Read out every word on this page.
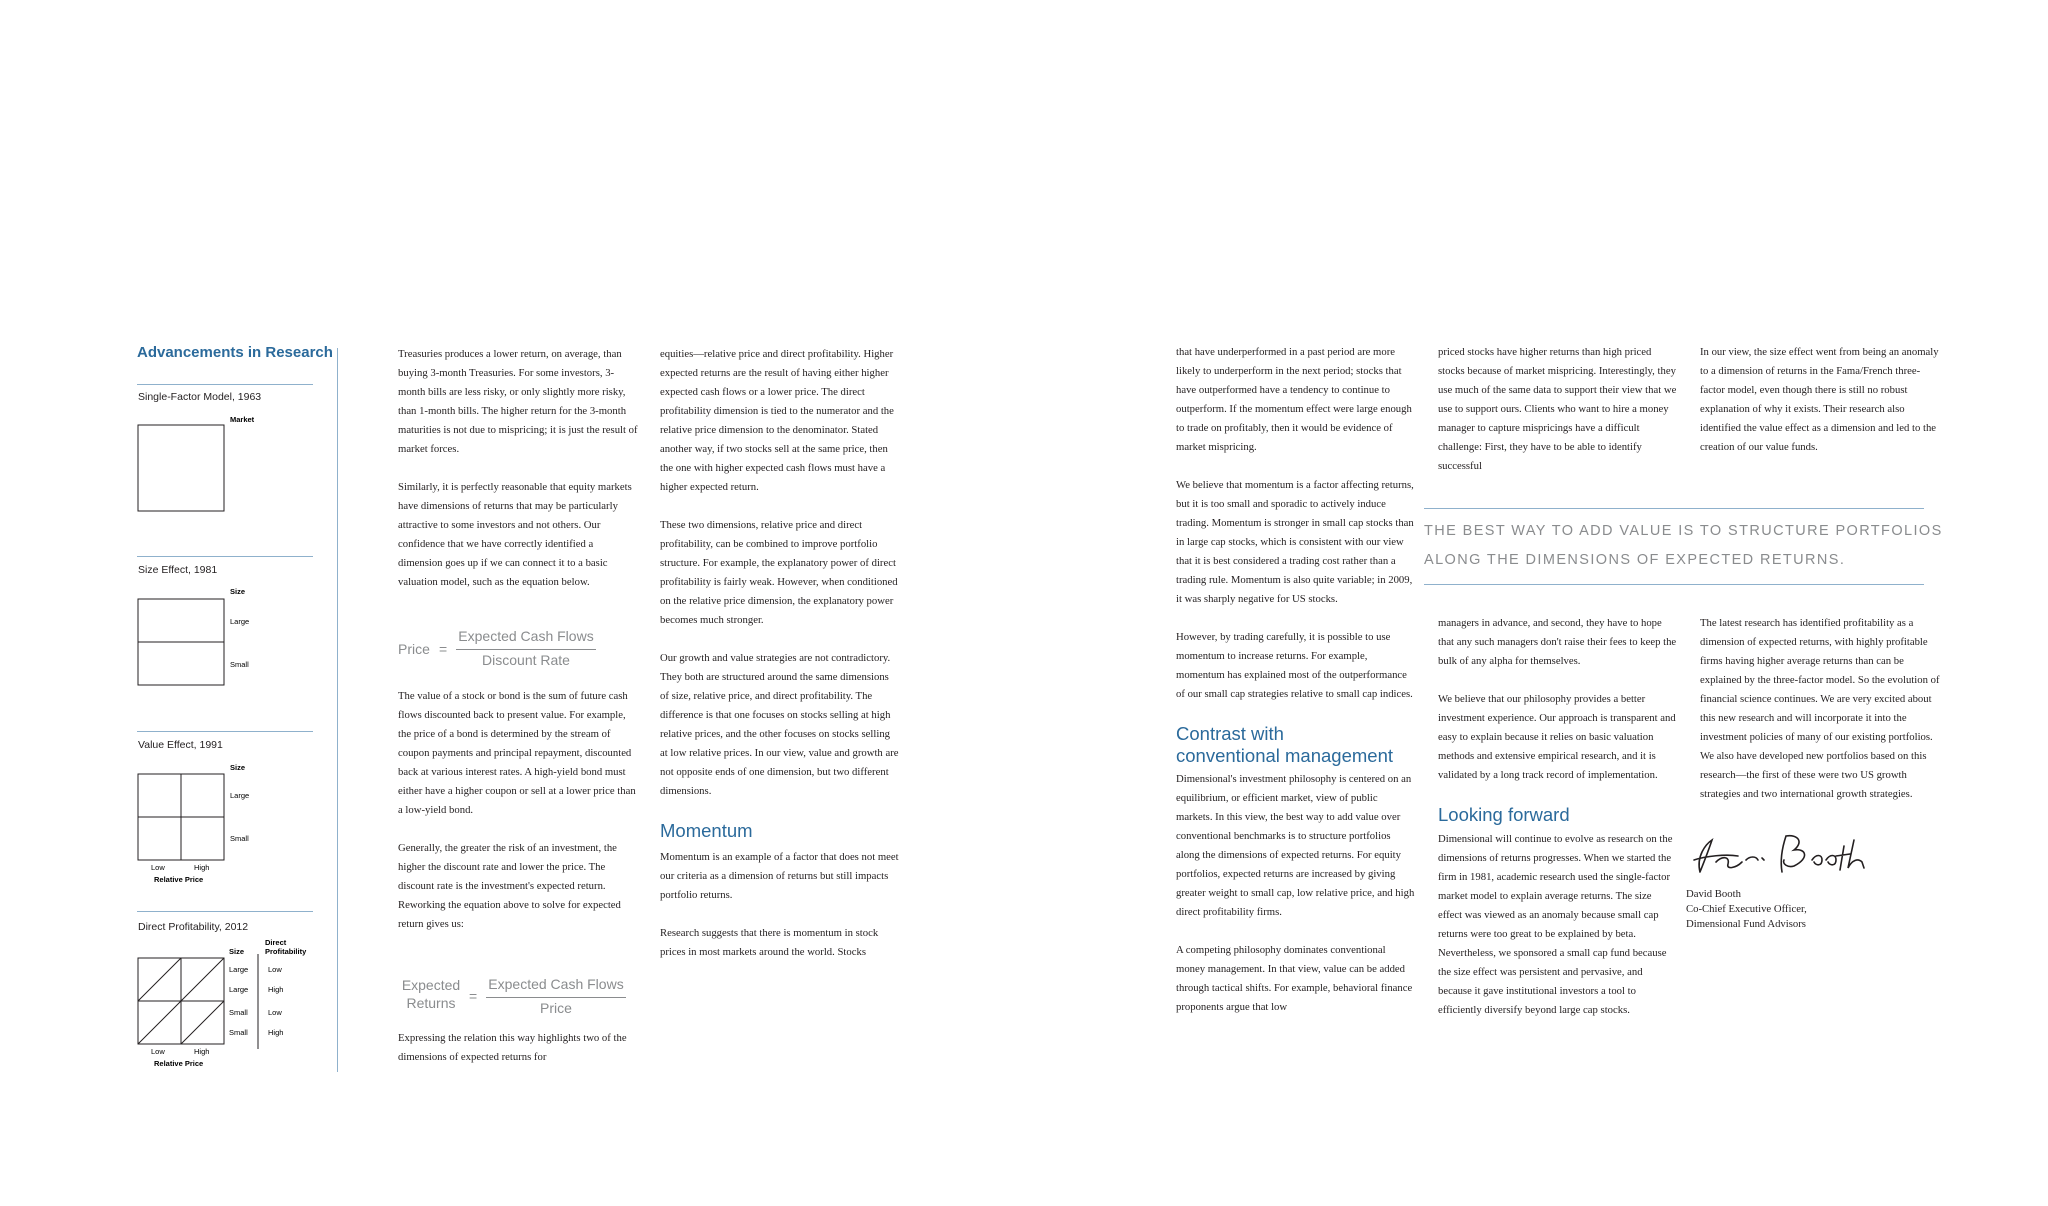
Advancements in Research
Single-Factor Model, 1963
Market
Size Effect, 1981
Size
Large
Small
Value Effect, 1991
Size
Large
Small
Low	High
Relative Price
Direct Profitability, 2012
Size
Direct
Profitability
Large
Large
Small
Small
Low
High
Low
High
Low	High
Relative Price

Treasuries produces a lower return, on average, than buying 3-month Treasuries. For some investors, 3-month bills are less risky, or only slightly more risky, than 1-month bills. The higher return for the 3-month maturities is not due to mispricing; it is just the result of market forces.

Similarly, it is perfectly reasonable that equity markets have dimensions of returns that may be particularly attractive to some investors and not others. Our confidence that we have correctly identified a dimension goes up if we can connect it to a basic valuation model, such as the equation below.

The value of a stock or bond is the sum of future cash flows discounted back to present value. For example, the price of a bond is determined by the stream of coupon payments and principal repayment, discounted back at various interest rates. A high-yield bond must either have a higher coupon or sell at a lower price than a low-yield bond.

Generally, the greater the risk of an investment, the higher the discount rate and lower the price. The discount rate is the investment's expected return. Reworking the equation above to solve for expected return gives us:

Expressing the relation this way highlights two of the dimensions of expected returns for

Price =
Expected Cash Flows
Discount Rate
Expected
Returns =
Expected Cash Flows
Price

equities—relative price and direct profitability. Higher expected returns are the result of having either higher expected cash flows or a lower price. The direct profitability dimension is tied to the numerator and the relative price dimension to the denominator. Stated another way, if two stocks sell at the same price, then the one with higher expected cash flows must have a higher expected return.

These two dimensions, relative price and direct profitability, can be combined to improve portfolio structure. For example, the explanatory power of direct profitability is fairly weak. However, when conditioned on the relative price dimension, the explanatory power becomes much stronger.

Our growth and value strategies are not contradictory. They both are structured around the same dimensions of size, relative price, and direct profitability. The difference is that one focuses on stocks selling at high relative prices, and the other focuses on stocks selling at low relative prices. In our view, value and growth are not opposite ends of one dimension, but two different dimensions.

Momentum

Momentum is an example of a factor that does not meet our criteria as a dimension of returns but still impacts portfolio returns.

Research suggests that there is momentum in stock prices in most markets around the world. Stocks

that have underperformed in a past period are more likely to underperform in the next period; stocks that have outperformed have a tendency to continue to outperform. If the momentum effect were large enough to trade on profitably, then it would be evidence of market mispricing.

We believe that momentum is a factor affecting returns, but it is too small and sporadic to actively induce trading. Momentum is stronger in small cap stocks than in large cap stocks, which is consistent with our view that it is best considered a trading cost rather than a trading rule. Momentum is also quite variable; in 2009, it was sharply negative for US stocks.

However, by trading carefully, it is possible to use momentum to increase returns. For example, momentum has explained most of the outperformance of our small cap strategies relative to small cap indices.

Contrast with
conventional management

Dimensional's investment philosophy is centered on an equilibrium, or efficient market, view of public markets. In this view, the best way to add value over conventional benchmarks is to structure portfolios along the dimensions of expected returns. For equity portfolios, expected returns are increased by giving greater weight to small cap, low relative price, and high direct profitability firms.

A competing philosophy dominates conventional money management. In that view, value can be added through tactical shifts. For example, behavioral finance proponents argue that low

priced stocks have higher returns than high priced stocks because of market mispricing. Interestingly, they use much of the same data to support their view that we use to support ours. Clients who want to hire a money manager to capture mispricings have a difficult challenge: First, they have to be able to identify successful

managers in advance, and second, they have to hope that any such managers don't raise their fees to keep the bulk of any alpha for themselves.

We believe that our philosophy provides a better investment experience. Our approach is transparent and easy to explain because it relies on basic valuation methods and extensive empirical research, and it is validated by a long track record of implementation.

Looking forward

Dimensional will continue to evolve as research on the dimensions of returns progresses. When we started the firm in 1981, academic research used the single-factor market model to explain average returns. The size effect was viewed as an anomaly because small cap returns were too great to be explained by beta. Nevertheless, we sponsored a small cap fund because the size effect was persistent and pervasive, and because it gave institutional investors a tool to efficiently diversify beyond large cap stocks.

In our view, the size effect went from being an anomaly to a dimension of returns in the Fama/French three-factor model, even though there is still no robust explanation of why it exists. Their research also identified the value effect as a dimension and led to the creation of our value funds.

The latest research has identified profitability as a dimension of expected returns, with highly profitable firms having higher average returns than can be explained by the three-factor model. So the evolution of financial science continues. We are very excited about this new research and will incorporate it into the investment policies of many of our existing portfolios. We also have developed new portfolios based on this research—the first of these were two US growth strategies and two international growth strategies.

THE BEST WAY TO ADD VALUE IS TO STRUCTURE PORTFOLIOS
ALONG THE DIMENSIONS OF EXPECTED RETURNS.
David Booth
Co-Chief Executive Officer,
Dimensional Fund Advisors
